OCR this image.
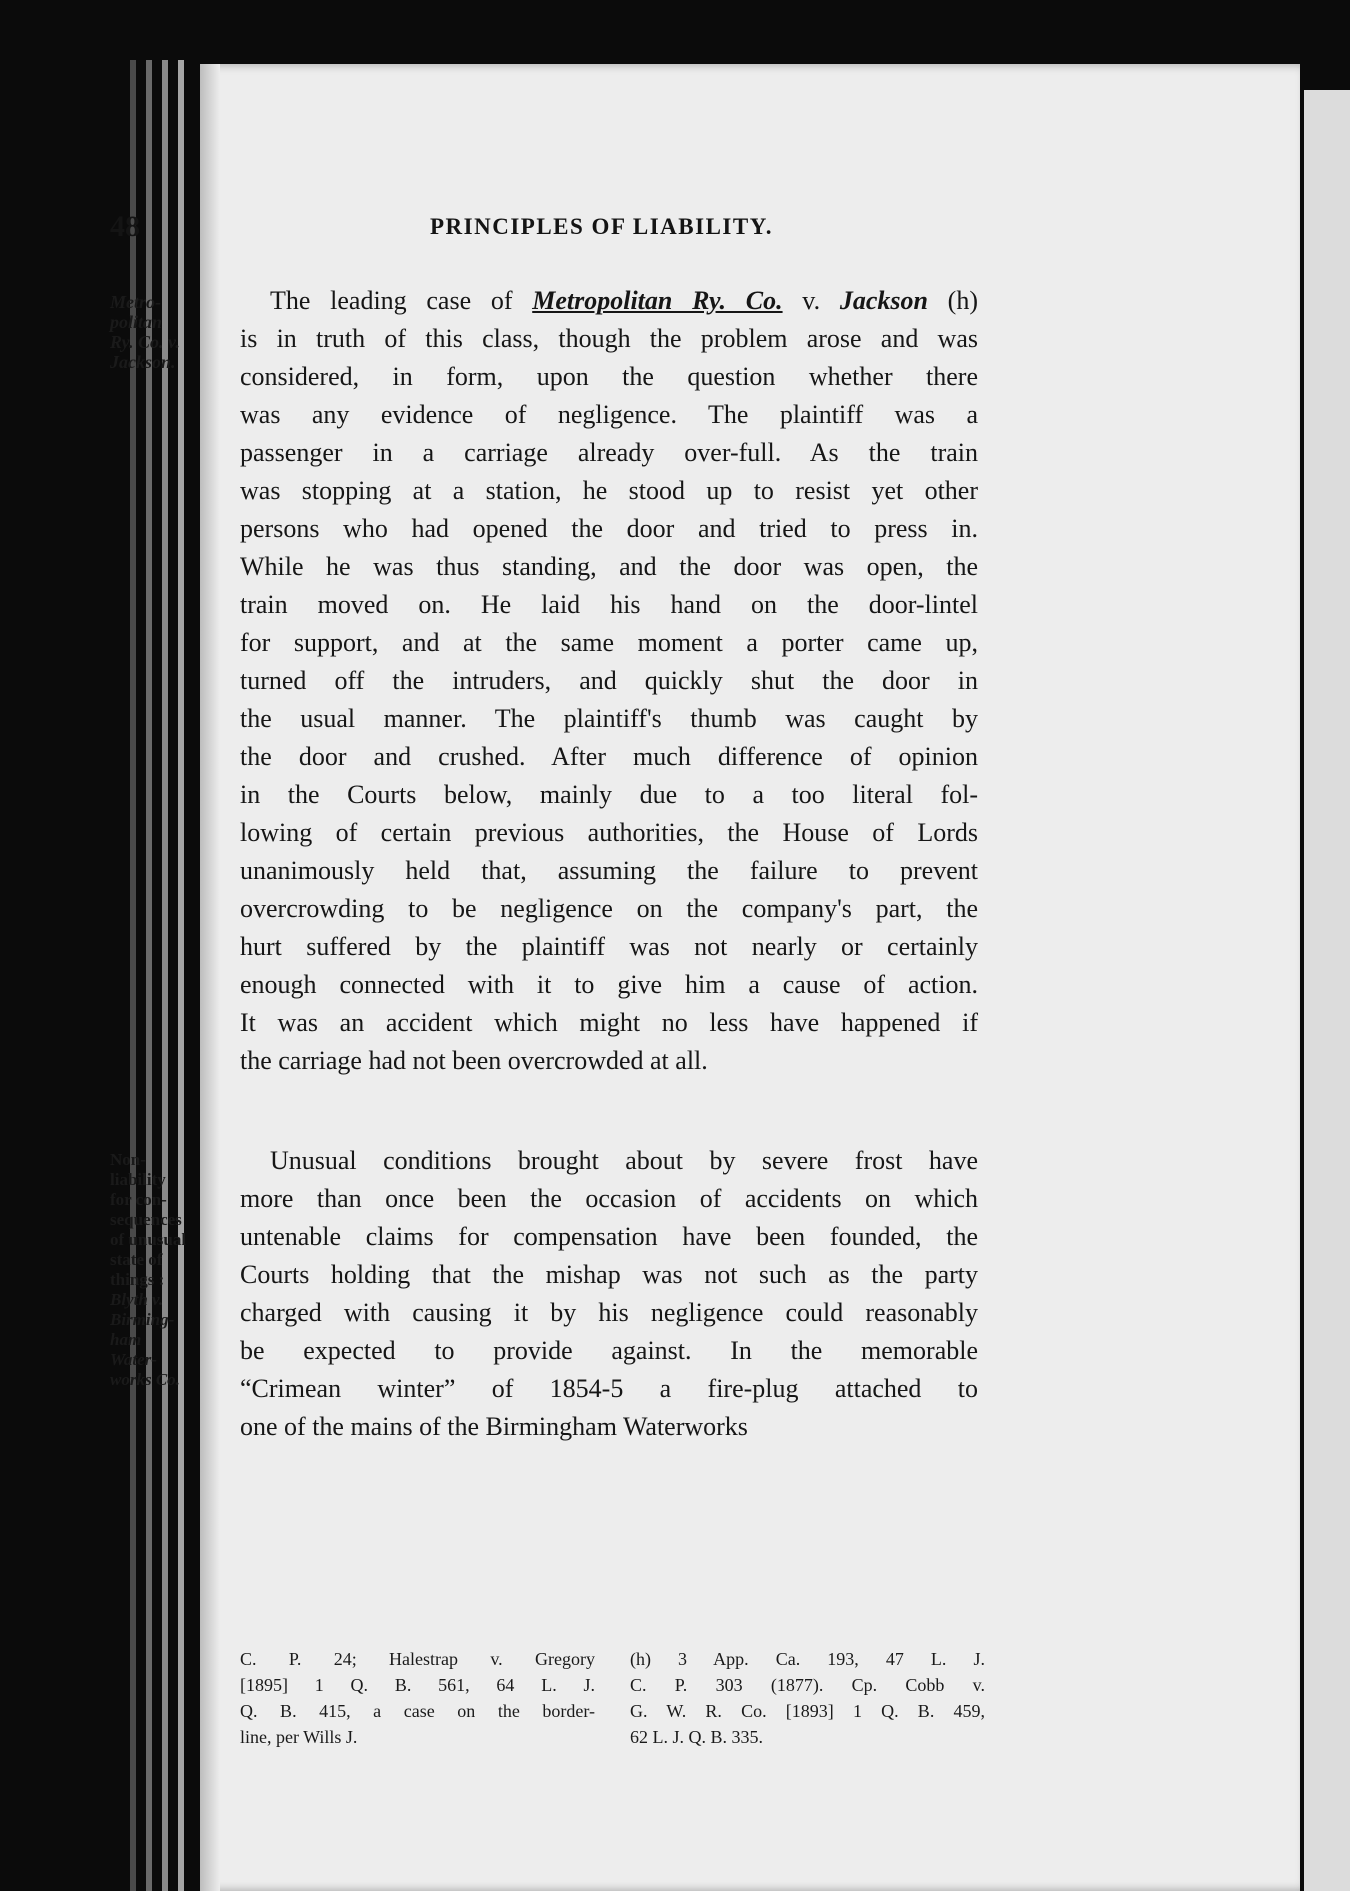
48	PRINCIPLES OF LIABILITY.
Metro-
politan
Ry. Co. v.
Jackson.
Non-
liability
for con-
sequences
of unusual
state of
things :
Blyth v.
Birming-
ham
Water-
works Co.
The leading case of Metropolitan Ry. Co. v. Jackson (h)
is in truth of this class, though the problem arose and was
considered, in form, upon the question whether there
was any evidence of negligence. The plaintiff was a
passenger in a carriage already over-full. As the train
was stopping at a station, he stood up to resist yet other
persons who had opened the door and tried to press in.
While he was thus standing, and the door was open, the
train moved on. He laid his hand on the door-lintel
for support, and at the same moment a porter came up,
turned off the intruders, and quickly shut the door in
the usual manner. The plaintiff's thumb was caught by
the door and crushed. After much difference of opinion
in the Courts below, mainly due to a too literal fol-
lowing of certain previous authorities, the House of Lords
unanimously held that, assuming the failure to prevent
overcrowding to be negligence on the company's part, the
hurt suffered by the plaintiff was not nearly or certainly
enough connected with it to give him a cause of action.
It was an accident which might no less have happened if
the carriage had not been overcrowded at all.
Unusual conditions brought about by severe frost have
more than once been the occasion of accidents on which
untenable claims for compensation have been founded, the
Courts holding that the mishap was not such as the party
charged with causing it by his negligence could reasonably
be expected to provide against. In the memorable
“Crimean winter” of 1854-5 a fire-plug attached to
one of the mains of the Birmingham Waterworks
C. P. 24; Halestrap v. Gregory
[1895] 1 Q. B. 561, 64 L. J.
Q. B. 415, a case on the border-
line, per Wills J.
(h) 3 App. Ca. 193, 47 L. J.
C. P. 303 (1877). Cp. Cobb v.
G. W. R. Co. [1893] 1 Q. B. 459,
62 L. J. Q. B. 335.
